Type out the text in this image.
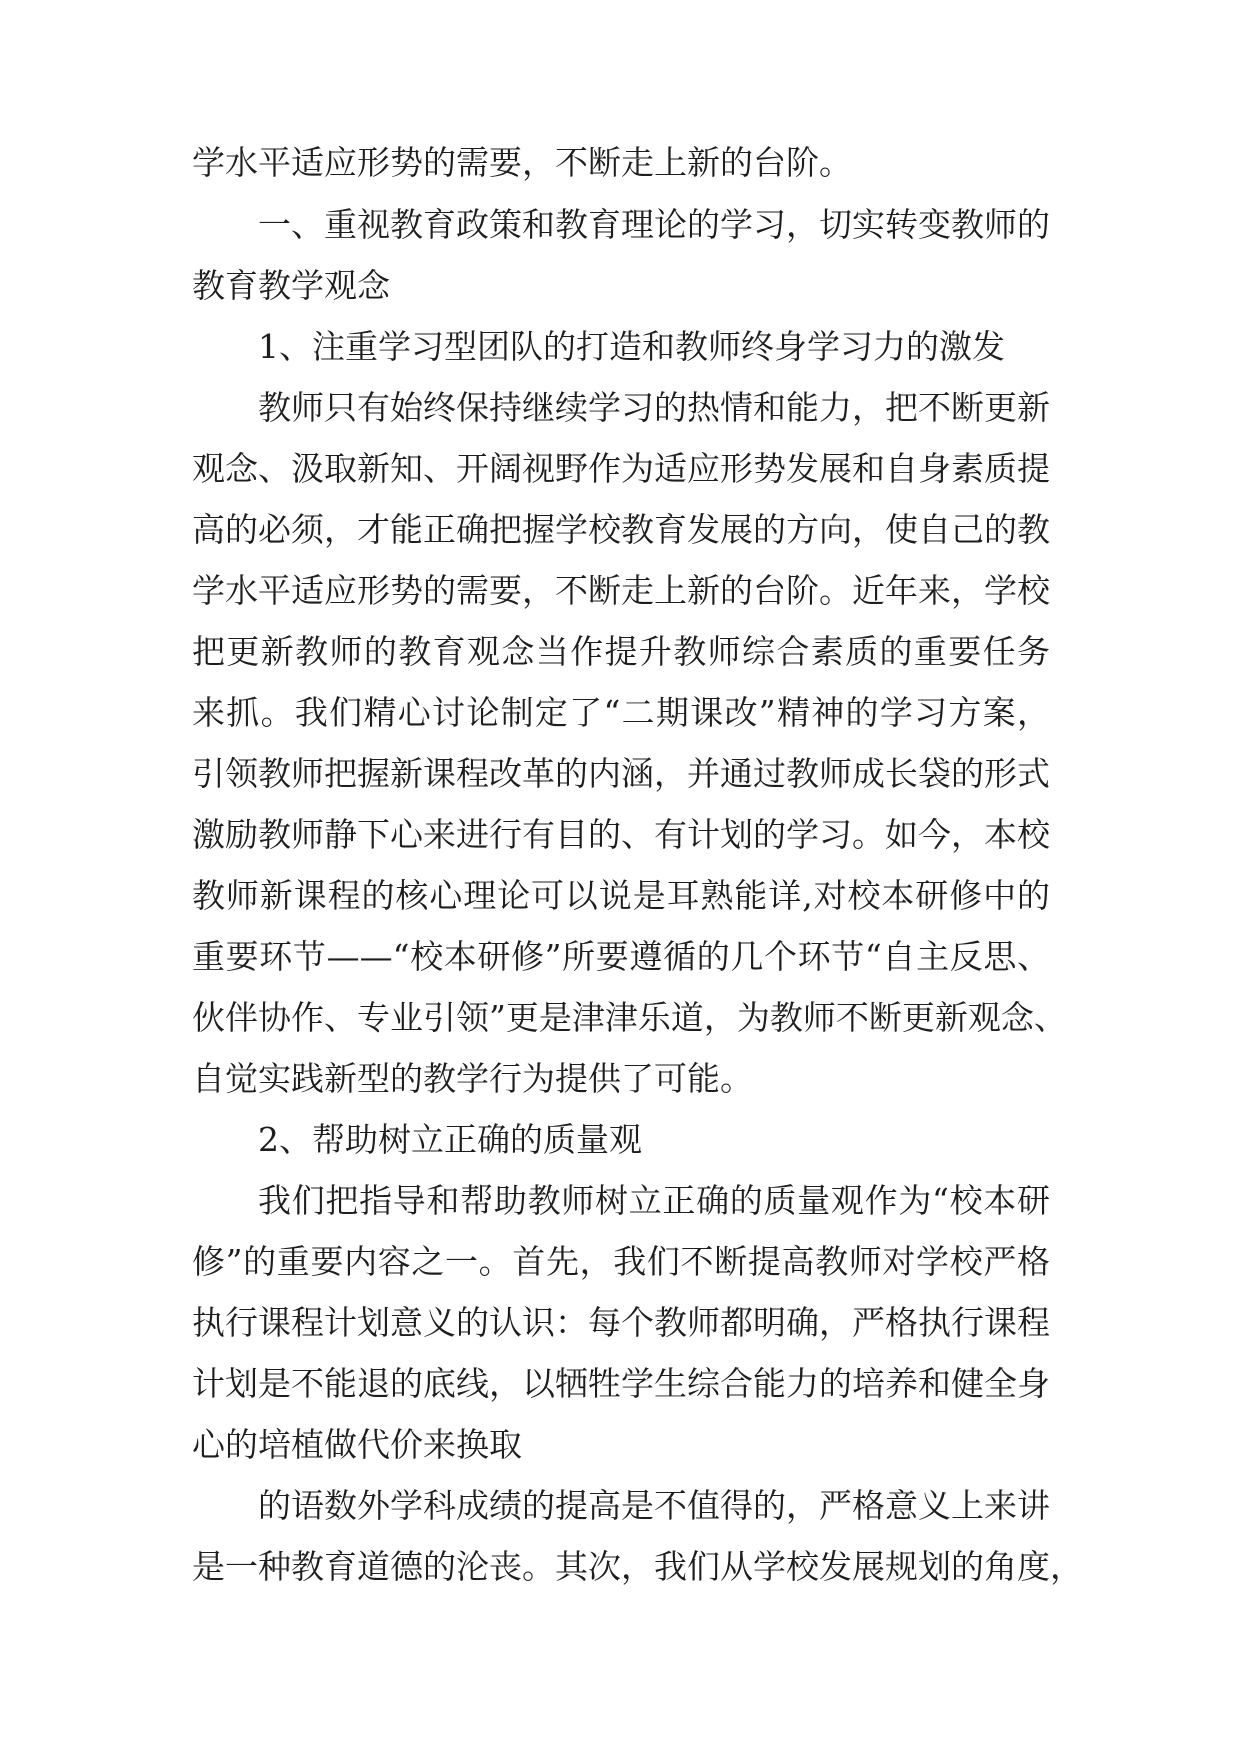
学水平适应形势的需要，不断走上新的台阶。
一、重视教育政策和教育理论的学习，切实转变教师的
教育教学观念
1、注重学习型团队的打造和教师终身学习力的激发
教师只有始终保持继续学习的热情和能力，把不断更新
观念、汲取新知、开阔视野作为适应形势发展和自身素质提
高的必须，才能正确把握学校教育发展的方向，使自己的教
学水平适应形势的需要，不断走上新的台阶。近年来，学校
把更新教师的教育观念当作提升教师综合素质的重要任务
来抓。我们精心讨论制定了“二期课改”精神的学习方案，
引领教师把握新课程改革的内涵，并通过教师成长袋的形式
激励教师静下心来进行有目的、有计划的学习。如今，本校
教师新课程的核心理论可以说是耳熟能详,对校本研修中的
重要环节——“校本研修”所要遵循的几个环节“自主反思、
伙伴协作、专业引领”更是津津乐道，为教师不断更新观念、
自觉实践新型的教学行为提供了可能。
2、帮助树立正确的质量观
我们把指导和帮助教师树立正确的质量观作为“校本研
修”的重要内容之一。首先，我们不断提高教师对学校严格
执行课程计划意义的认识：每个教师都明确，严格执行课程
计划是不能退的底线，以牺牲学生综合能力的培养和健全身
心的培植做代价来换取
的语数外学科成绩的提高是不值得的，严格意义上来讲
是一种教育道德的沦丧。其次，我们从学校发展规划的角度，
